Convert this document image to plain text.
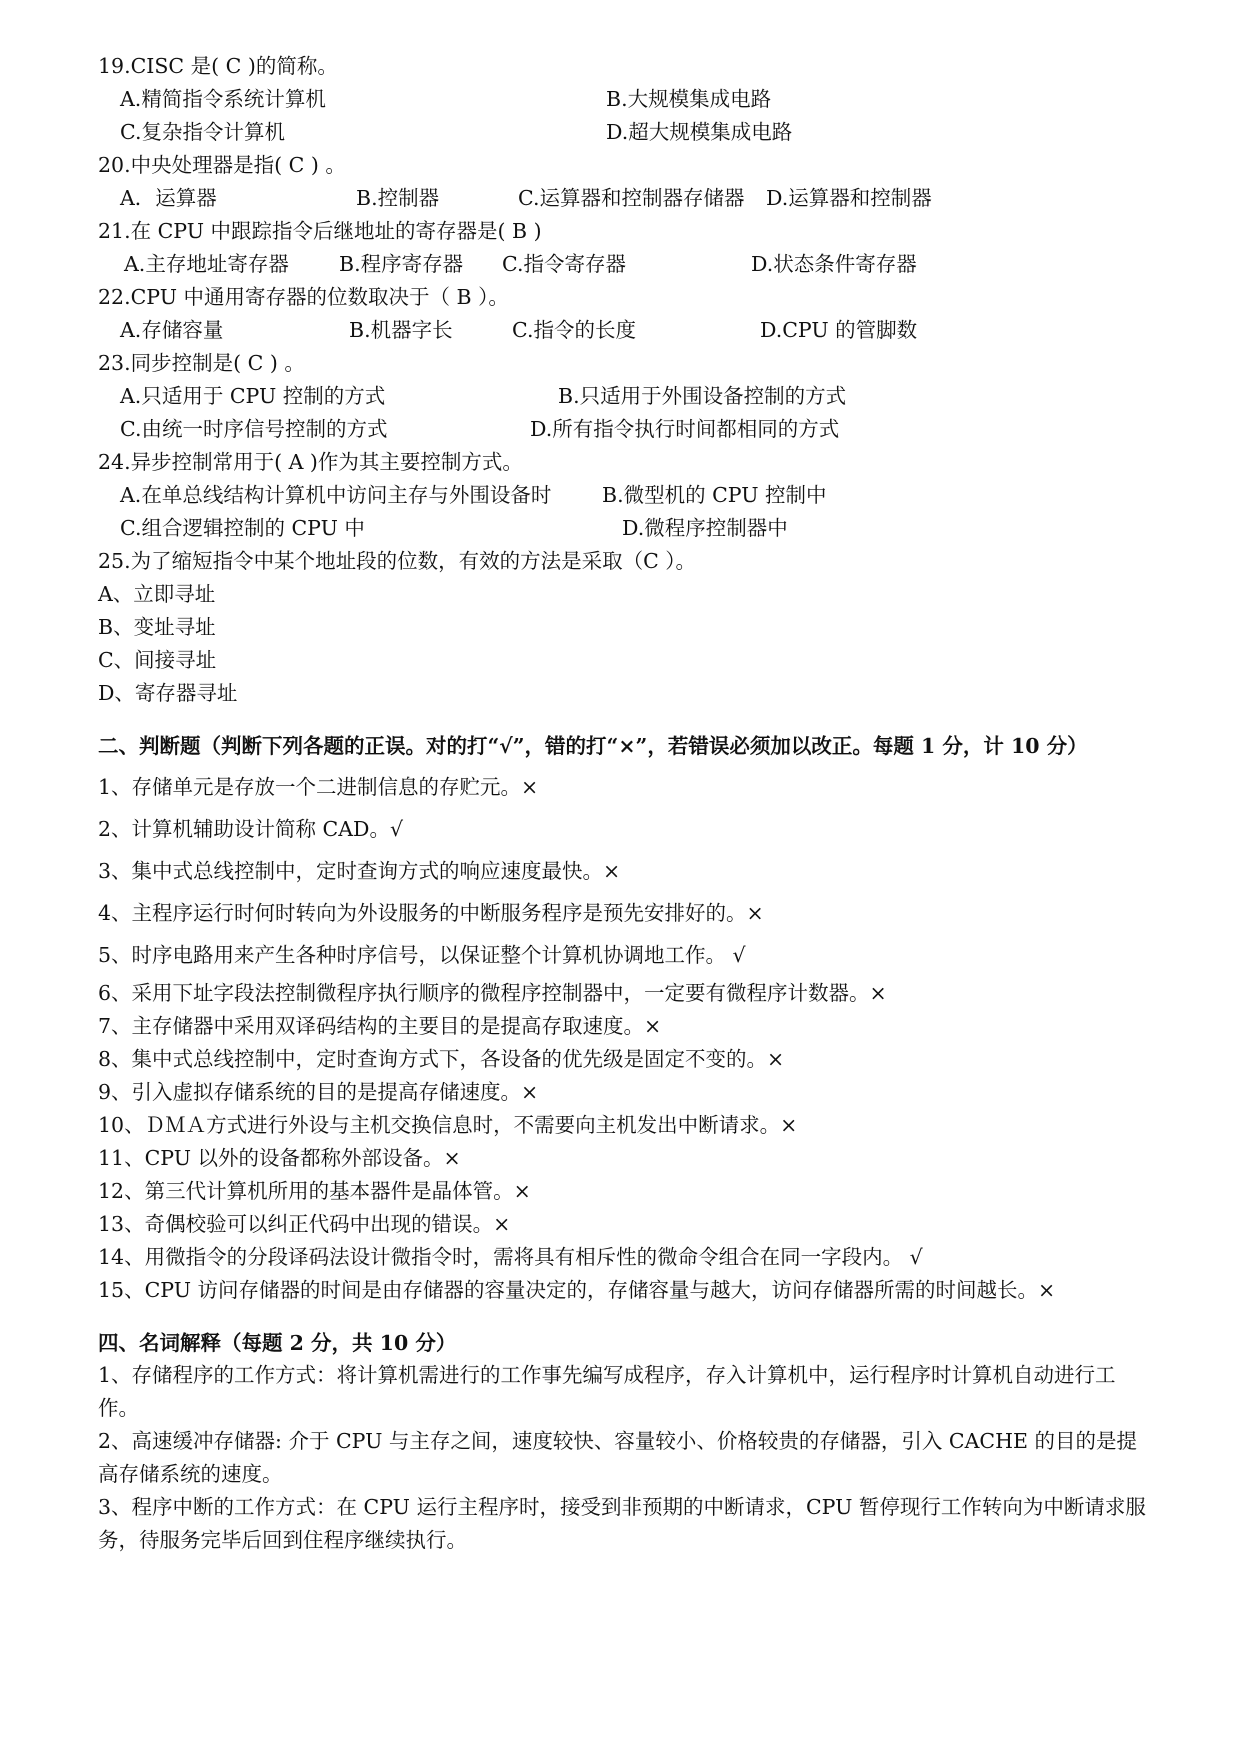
19.CISC 是( C )的简称。
A.精简指令系统计算机	B.大规模集成电路
C.复杂指令计算机	D.超大规模集成电路
20.中央处理器是指( C ) 。
A．运算器	B.控制器	C.运算器和控制器存储器 D.运算器和控制器
21.在 CPU 中跟踪指令后继地址的寄存器是( B )
A.主存地址寄存器 B.程序寄存器 C.指令寄存器	D.状态条件寄存器
22.CPU 中通用寄存器的位数取决于（ B ）。
A.存储容量	B.机器字长	C.指令的长度	D.CPU 的管脚数
23.同步控制是( C ) 。
A.只适用于 CPU 控制的方式	B.只适用于外围设备控制的方式
C.由统一时序信号控制的方式	D.所有指令执行时间都相同的方式
24.异步控制常用于( A )作为其主要控制方式。
A.在单总线结构计算机中访问主存与外围设备时 B.微型机的 CPU 控制中
C.组合逻辑控制的 CPU 中	D.微程序控制器中
25.为了缩短指令中某个地址段的位数，有效的方法是采取（C ）。
A、立即寻址
B、变址寻址
C、间接寻址
D、寄存器寻址
二、判断题（判断下列各题的正误。对的打“√”，错的打“×”，若错误必须加以改正。每题 1 分，计 10 分）
1、存储单元是存放一个二进制信息的存贮元。×
2、计算机辅助设计简称 CAD。√
3、集中式总线控制中，定时查询方式的响应速度最快。×
4、主程序运行时何时转向为外设服务的中断服务程序是预先安排好的。×
5、时序电路用来产生各种时序信号，以保证整个计算机协调地工作。 √
6、采用下址字段法控制微程序执行顺序的微程序控制器中，一定要有微程序计数器。×
7、主存储器中采用双译码结构的主要目的是提高存取速度。×
8、集中式总线控制中，定时查询方式下，各设备的优先级是固定不变的。×
9、引入虚拟存储系统的目的是提高存储速度。×
10、ＤＭＡ方式进行外设与主机交换信息时，不需要向主机发出中断请求。×
11、CPU 以外的设备都称外部设备。×
12、第三代计算机所用的基本器件是晶体管。×
13、奇偶校验可以纠正代码中出现的错误。×
14、用微指令的分段译码法设计微指令时，需将具有相斥性的微命令组合在同一字段内。 √
15、CPU 访问存储器的时间是由存储器的容量决定的，存储容量与越大，访问存储器所需的时间越长。×
四、名词解释（每题 2 分，共 10 分）
1、存储程序的工作方式：将计算机需进行的工作事先编写成程序，存入计算机中，运行程序时计算机自动进行工作。
2、高速缓冲存储器: 介于 CPU 与主存之间，速度较快、容量较小、价格较贵的存储器，引入 CACHE 的目的是提高存储系统的速度。
3、程序中断的工作方式：在 CPU 运行主程序时，接受到非预期的中断请求，CPU 暂停现行工作转向为中断请求服务，待服务完毕后回到住程序继续执行。
